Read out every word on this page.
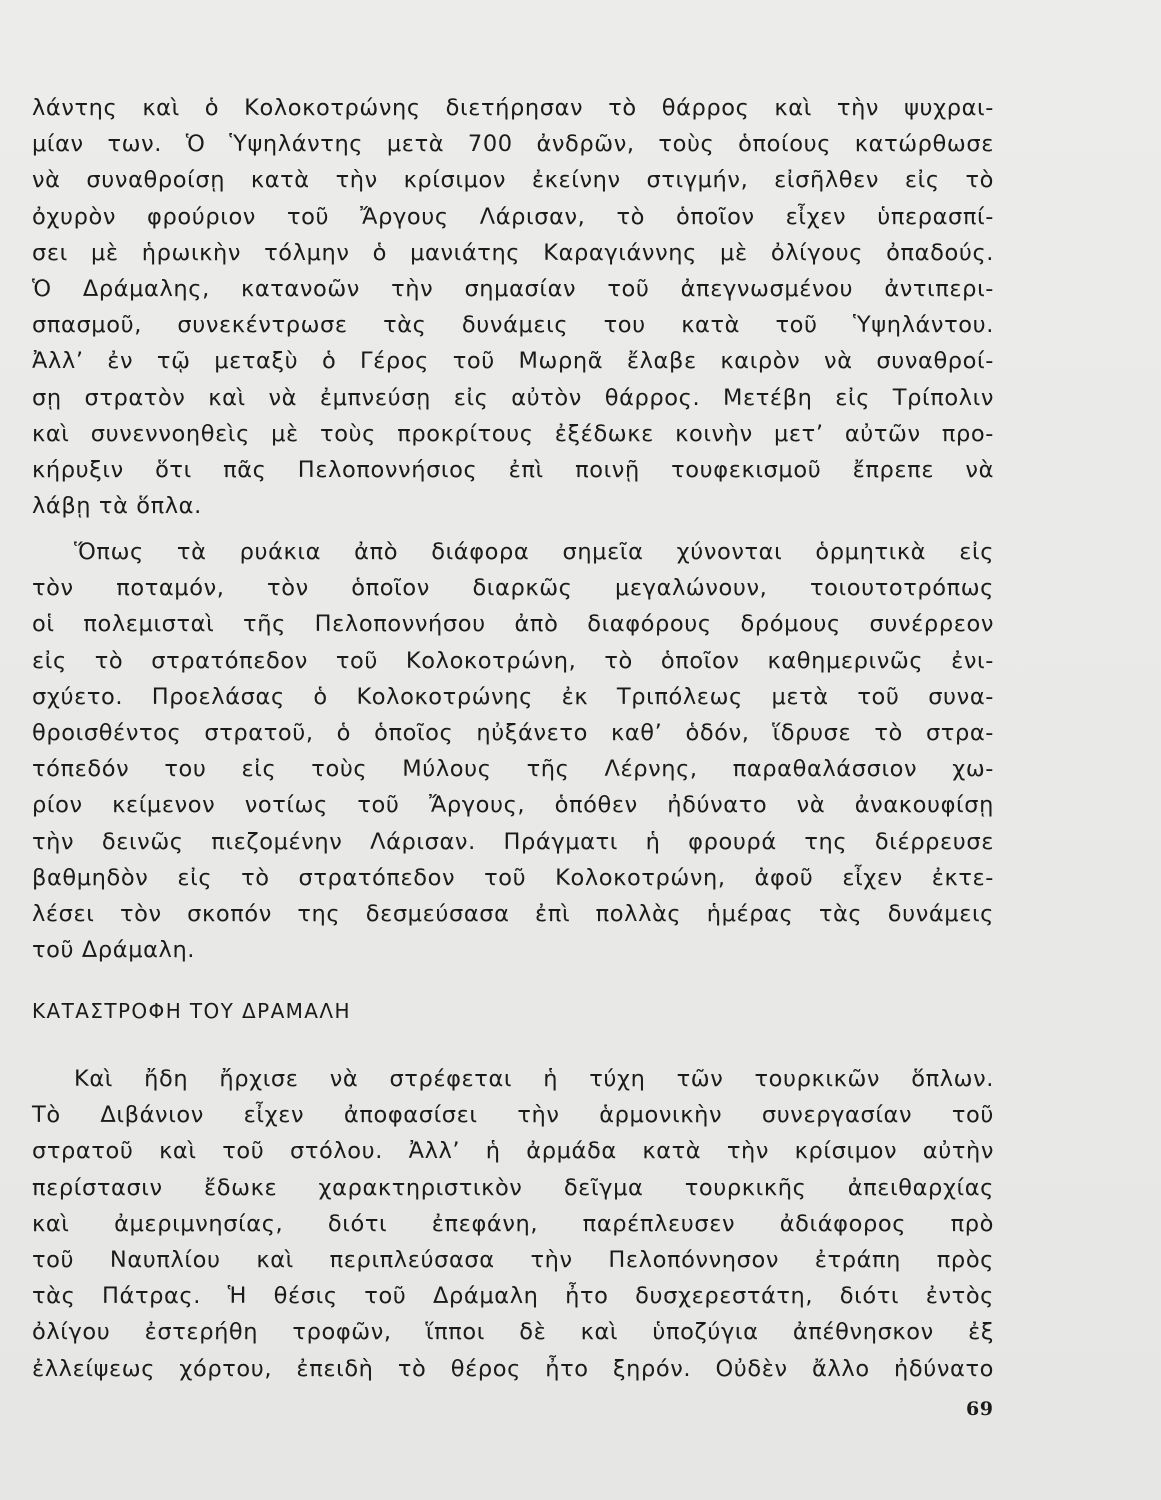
λάντης καὶ ὁ Κολοκοτρώνης διετήρησαν τὸ θάρρος καὶ τὴν ψυχραι-
μίαν των. Ὁ Ὑψηλάντης μετὰ 700 ἀνδρῶν, τοὺς ὁποίους κατώρθωσε
νὰ συναθροίσῃ κατὰ τὴν κρίσιμον ἐκείνην στιγμήν, εἰσῆλθεν εἰς τὸ
ὀχυρὸν φρούριον τοῦ Ἄργους Λάρισαν, τὸ ὁποῖον εἶχεν ὑπερασπί-
σει μὲ ἡρωικὴν τόλμην ὁ μανιάτης Καραγιάννης μὲ ὀλίγους ὀπαδούς.
Ὁ Δράμαλης, κατανοῶν τὴν σημασίαν τοῦ ἀπεγνωσμένου ἀντιπερι-
σπασμοῦ, συνεκέντρωσε τὰς δυνάμεις του κατὰ τοῦ Ὑψηλάντου.
Ἀλλ’ ἐν τῷ μεταξὺ ὁ Γέρος τοῦ Μωρηᾶ ἔλαβε καιρὸν νὰ συναθροί-
σῃ στρατὸν καὶ νὰ ἐμπνεύσῃ εἰς αὐτὸν θάρρος. Μετέβη εἰς Τρίπολιν
καὶ συνεννοηθεὶς μὲ τοὺς προκρίτους ἐξέδωκε κοινὴν μετ’ αὐτῶν προ-
κήρυξιν ὅτι πᾶς Πελοποννήσιος ἐπὶ ποινῇ τουφεκισμοῦ ἔπρεπε νὰ
λάβῃ τὰ ὅπλα.
Ὅπως τὰ ρυάκια ἀπὸ διάφορα σημεῖα χύνονται ὁρμητικὰ εἰς
τὸν ποταμόν, τὸν ὁποῖον διαρκῶς μεγαλώνουν, τοιουτοτρόπως
οἱ πολεμισταὶ τῆς Πελοποννήσου ἀπὸ διαφόρους δρόμους συνέρρεον
εἰς τὸ στρατόπεδον τοῦ Κολοκοτρώνη, τὸ ὁποῖον καθημερινῶς ἐνι-
σχύετο. Προελάσας ὁ Κολοκοτρώνης ἐκ Τριπόλεως μετὰ τοῦ συνα-
θροισθέντος στρατοῦ, ὁ ὁποῖος ηὐξάνετο καθ’ ὁδόν, ἵδρυσε τὸ στρα-
τόπεδόν του εἰς τοὺς Μύλους τῆς Λέρνης, παραθαλάσσιον χω-
ρίον κείμενον νοτίως τοῦ Ἄργους, ὁπόθεν ἠδύνατο νὰ ἀνακουφίσῃ
τὴν δεινῶς πιεζομένην Λάρισαν. Πράγματι ἡ φρουρά της διέρρευσε
βαθμηδὸν εἰς τὸ στρατόπεδον τοῦ Κολοκοτρώνη, ἀφοῦ εἶχεν ἐκτε-
λέσει τὸν σκοπόν της δεσμεύσασα ἐπὶ πολλὰς ἡμέρας τὰς δυνάμεις
τοῦ Δράμαλη.
ΚΑΤΑΣΤΡΟΦΗ ΤΟΥ ΔΡΑΜΑΛΗ
Καὶ ἤδη ἤρχισε νὰ στρέφεται ἡ τύχη τῶν τουρκικῶν ὅπλων.
Τὸ Διβάνιον εἶχεν ἀποφασίσει τὴν ἁρμονικὴν συνεργασίαν τοῦ
στρατοῦ καὶ τοῦ στόλου. Ἀλλ’ ἡ ἀρμάδα κατὰ τὴν κρίσιμον αὐτὴν
περίστασιν ἔδωκε χαρακτηριστικὸν δεῖγμα τουρκικῆς ἀπειθαρχίας
καὶ ἀμεριμνησίας, διότι ἐπεφάνη, παρέπλευσεν ἀδιάφορος πρὸ
τοῦ Ναυπλίου καὶ περιπλεύσασα τὴν Πελοπόννησον ἐτράπη πρὸς
τὰς Πάτρας. Ἡ θέσις τοῦ Δράμαλη ἦτο δυσχερεστάτη, διότι ἐντὸς
ὀλίγου ἐστερήθη τροφῶν, ἵπποι δὲ καὶ ὑποζύγια ἀπέθνησκον ἐξ
ἐλλείψεως χόρτου, ἐπειδὴ τὸ θέρος ἦτο ξηρόν. Οὐδὲν ἄλλο ἠδύνατο
69
